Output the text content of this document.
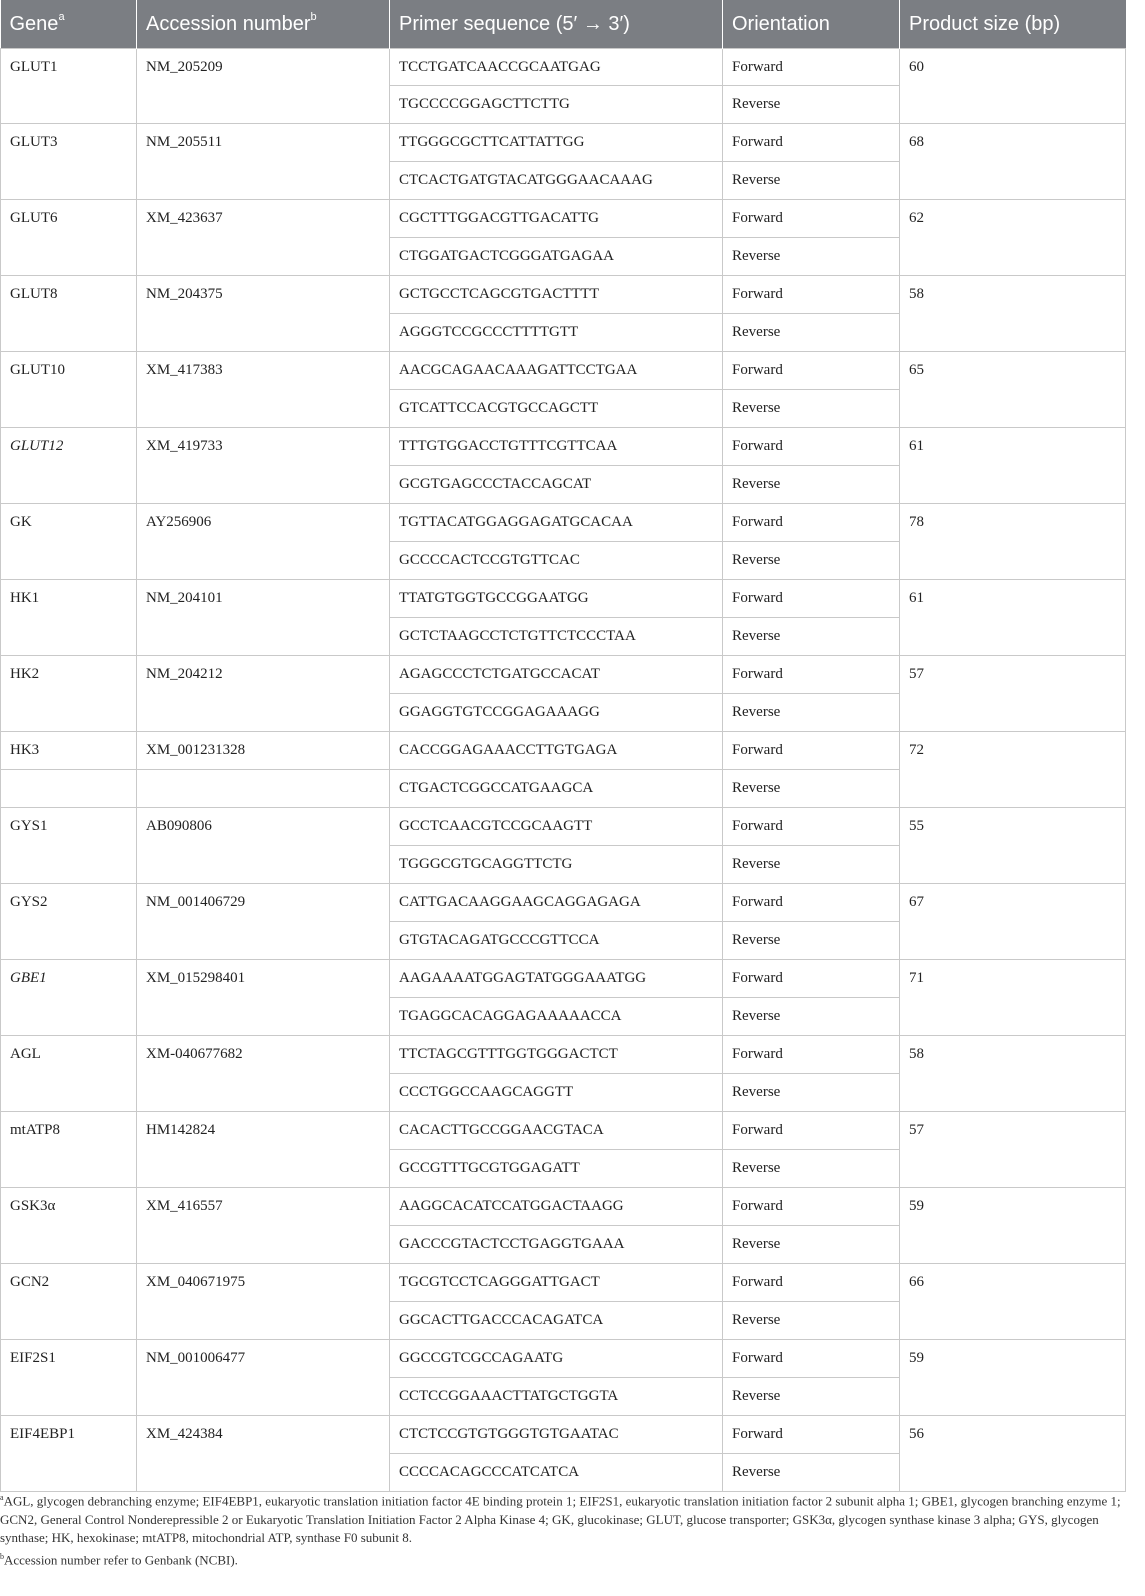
Gene$^a$	Accession number$^b$	Primer sequence (5′ → 3′)	Orientation	Product size (bp)
GLUT1	NM_205209	TCCTGATCAACCGCAATGAG	Forward	60
		TGCCCCGGAGCTTCTTG	Reverse	
GLUT3	NM_205511	TTGGGCGCTTCATTATTGG	Forward	68
		CTCACTGATGTACATGGGAACAAAG	Reverse	
GLUT6	XM_423637	CGCTTTGGACGTTGACATTG	Forward	62
		CTGGATGACTCGGGATGAGAA	Reverse	
GLUT8	NM_204375	GCTGCCTCAGCGTGACTTTT	Forward	58
		AGGGTCCGCCCTTTTGTT	Reverse	
GLUT10	XM_417383	AACGCAGAACAAAGATTCCTGAA	Forward	65
		GTCATTCCACGTGCCAGCTT	Reverse	
GLUT12	XM_419733	TTTGTGGACCTGTTTCGTTCAA	Forward	61
		GCGTGAGCCCTACCAGCAT	Reverse	
GK	AY256906	TGTTACATGGAGGAGATGCACAA	Forward	78
		GCCCCACTCCGTGTTCAC	Reverse	
HK1	NM_204101	TTATGTGGTGCCGGAATGG	Forward	61
		GCTCTAAGCCTCTGTTCTCCCTAA	Reverse	
HK2	NM_204212	AGAGCCCTCTGATGCCACAT	Forward	57
		GGAGGTGTCCGGAGAAAGG	Reverse	
HK3	XM_001231328	CACCGGAGAAACCTTGTGAGA	Forward	72
		CTGACTCGGCCATGAAGCA	Reverse	
GYS1	AB090806	GCCTCAACGTCCGCAAGTT	Forward	55
		TGGGCGTGCAGGTTCTG	Reverse	
GYS2	NM_001406729	CATTGACAAGGAAGCAGGAGAGA	Forward	67
		GTGTACAGATGCCCGTTCCA	Reverse	
GBE1	XM_015298401	AAGAAAATGGAGTATGGGAAATGG	Forward	71
		TGAGGCACAGGAGAAAAACCA	Reverse	
AGL	XM-040677682	TTCTAGCGTTTGGTGGGACTCT	Forward	58
		CCCTGGCCAAGCAGGTT	Reverse	
mtATP8	HM142824	CACACTTGCCGGAACGTACA	Forward	57
		GCCGTTTGCGTGGAGATT	Reverse	
GSK3α	XM_416557	AAGGCACATCCATGGACTAAGG	Forward	59
		GACCCGTACTCCTGAGGTGAAA	Reverse	
GCN2	XM_040671975	TGCGTCCTCAGGGATTGACT	Forward	66
		GGCACTTGACCCACAGATCA	Reverse	
EIF2S1	NM_001006477	GGCCGTCGCCAGAATG	Forward	59
		CCTCCGGAAACTTATGCTGGTA	Reverse	
EIF4EBP1	XM_424384	CTCTCCGTGTGGGTGTGAATAC	Forward	56
		CCCCACAGCCCATCATCA	Reverse	

$^a$AGL, glycogen debranching enzyme; EIF4EBP1, eukaryotic translation initiation factor 4E binding protein 1; EIF2S1, eukaryotic translation initiation factor 2 subunit alpha 1; GBE1, glycogen branching enzyme 1; GCN2, General Control Nonderepressible 2 or Eukaryotic Translation Initiation Factor 2 Alpha Kinase 4; GK, glucokinase; GLUT, glucose transporter; GSK3α, glycogen synthase kinase 3 alpha; GYS, glycogen synthase; HK, hexokinase; mtATP8, mitochondrial ATP, synthase F0 subunit 8.

$^b$Accession number refer to Genbank (NCBI).
